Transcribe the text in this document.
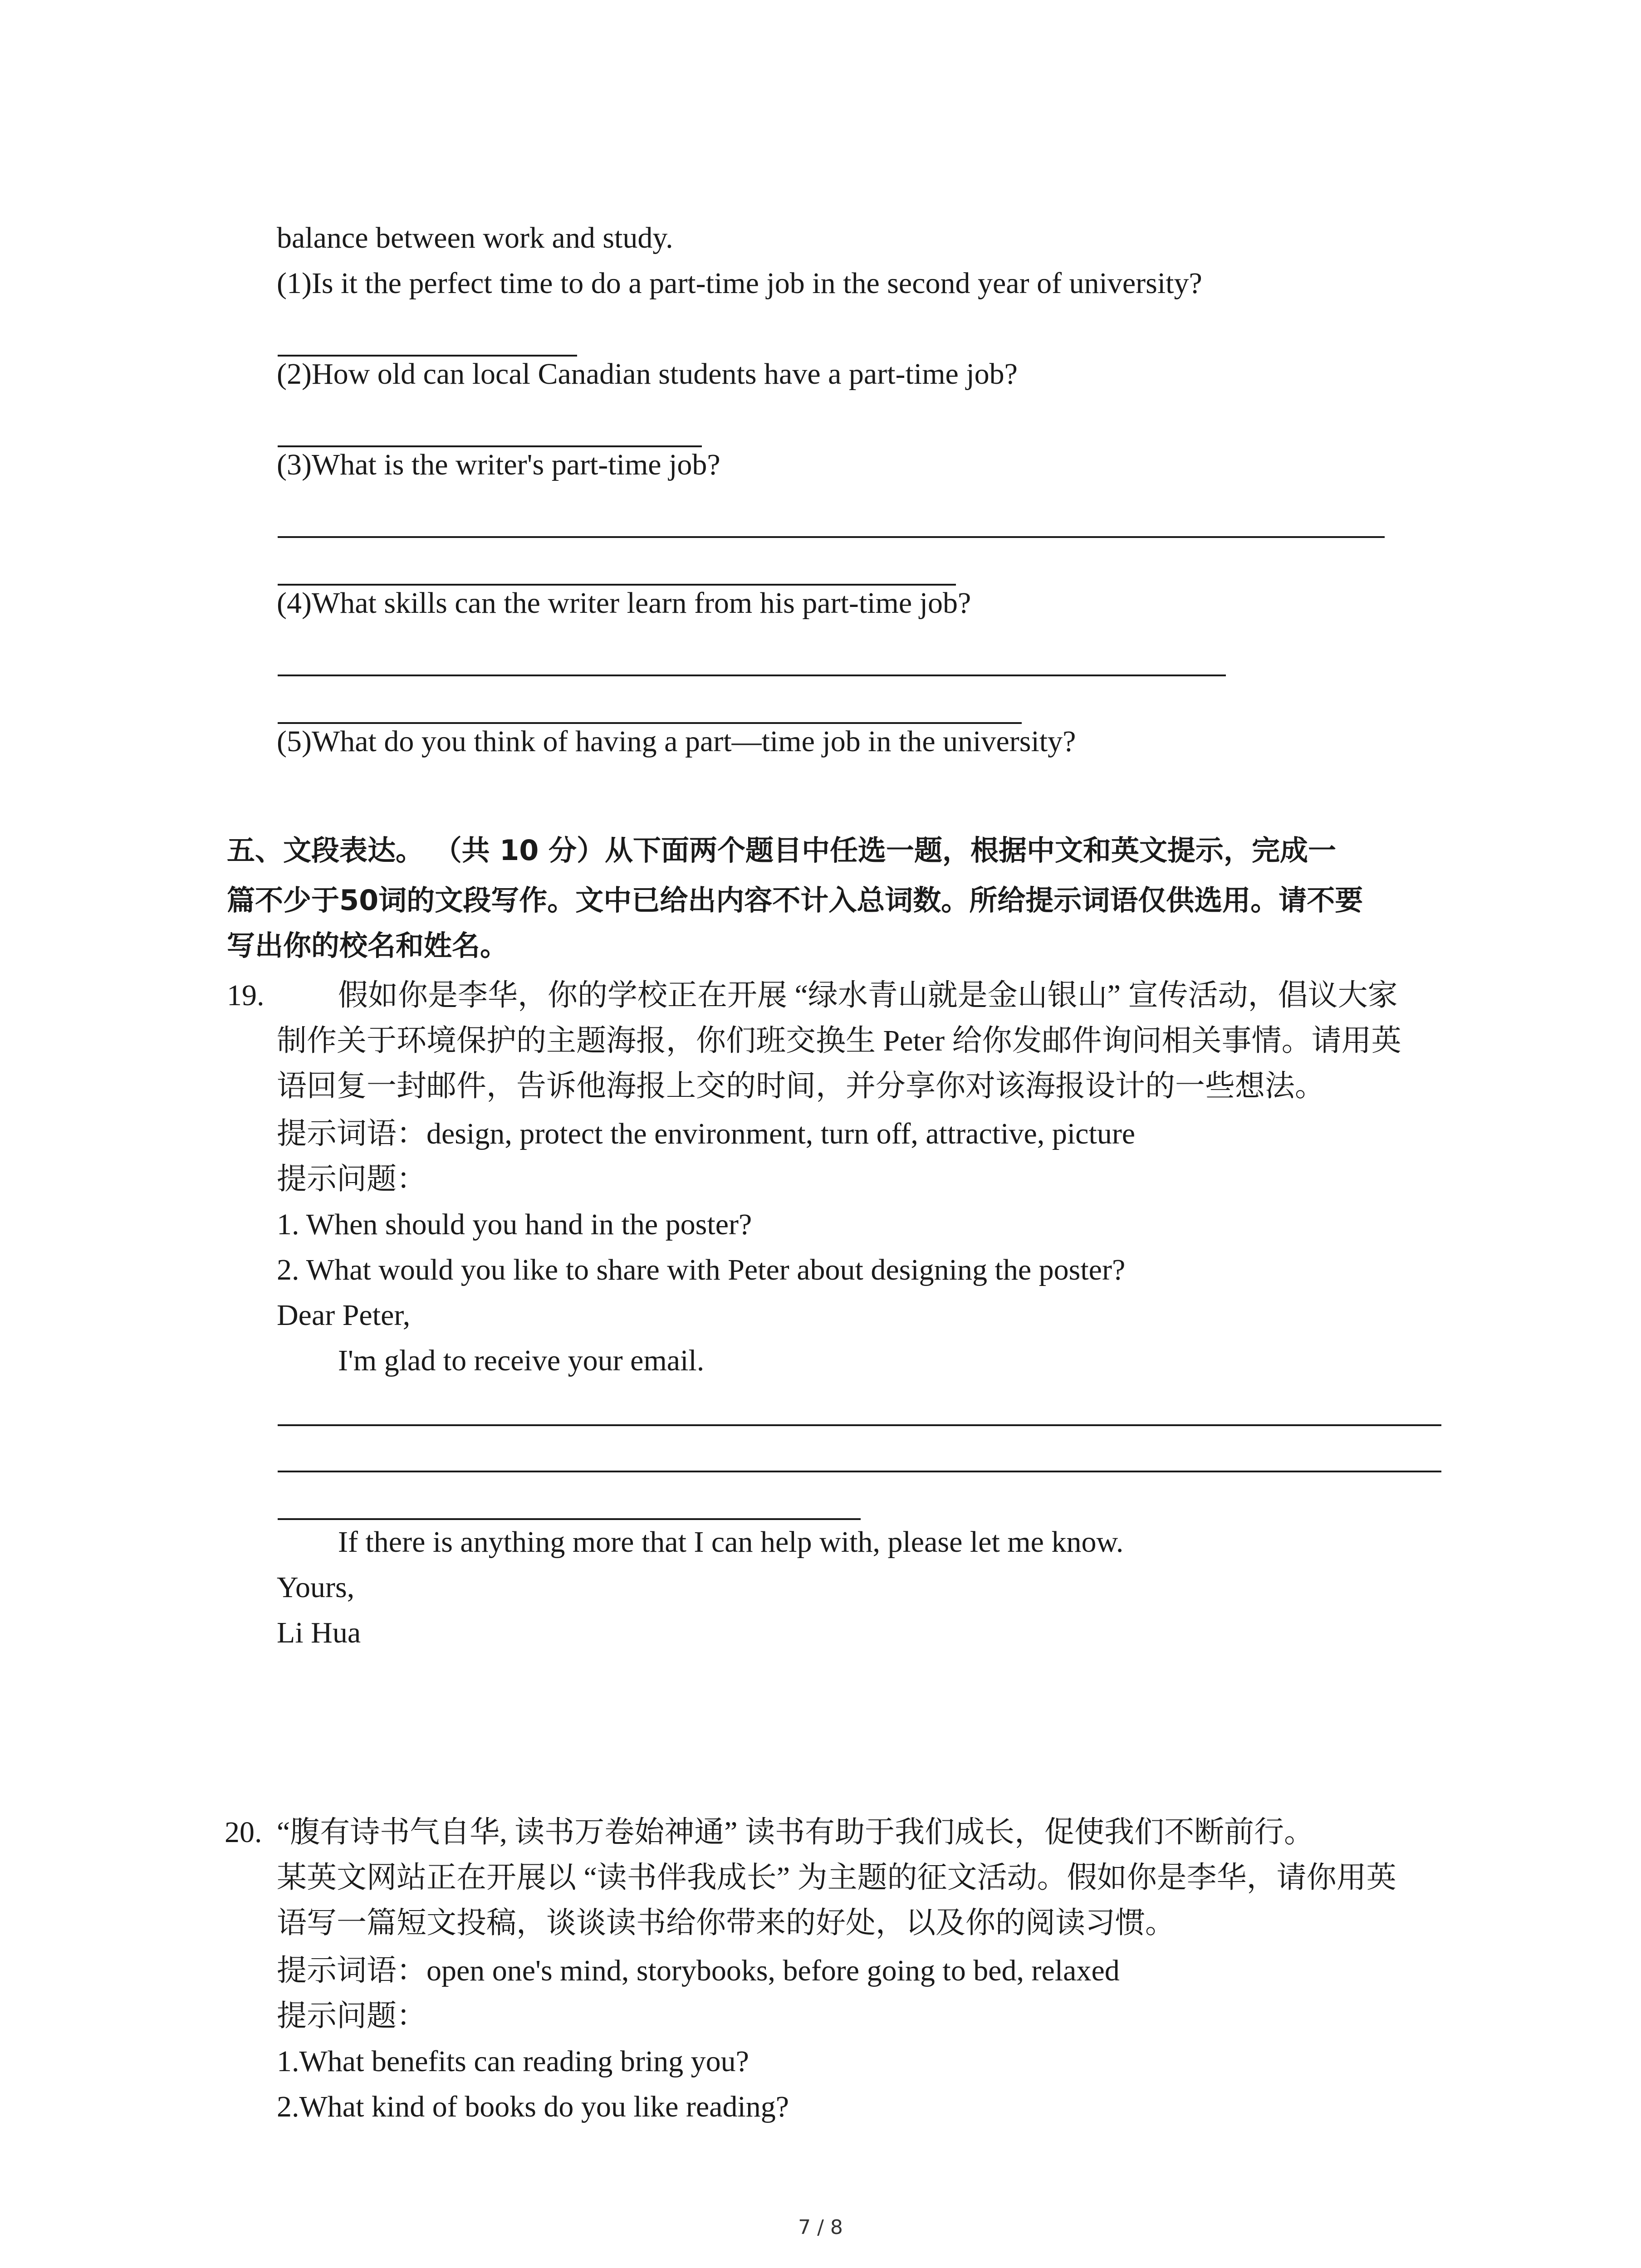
balance between work and study.

(1)Is it the perfect time to do a part-time job in the second year of university?

(2)How old can local Canadian students have a part-time job?

(3)What is the writer's part-time job?

(4)What skills can the writer learn from his part-time job?

(5)What do you think of having a part—time job in the university?

五、文段表达。 （共 10 分）从下面两个题目中任选一题，根据中文和英文提示，完成一

篇不少于50词的文段写作。文中已给出内容不计入总词数。所给提示词语仅供选用。请不要

写出你的校名和姓名。

19. 假如你是李华，你的学校正在开展 “绿水青山就是金山银山” 宣传活动，倡议大家

制作关于环境保护的主题海报，你们班交换生 Peter 给你发邮件询问相关事情。请用英

语回复一封邮件，告诉他海报上交的时间，并分享你对该海报设计的一些想法。

提示词语：design, protect the environment, turn off, attractive, picture

提示问题：

1. When should you hand in the poster?

2. What would you like to share with Peter about designing the poster?

Dear Peter,

I'm glad to receive your email.

If there is anything more that I can help with, please let me know.

Yours,

Li Hua

20. “腹有诗书气自华, 读书万卷始神通” 读书有助于我们成长，促使我们不断前行。

某英文网站正在开展以 “读书伴我成长” 为主题的征文活动。假如你是李华，请你用英

语写一篇短文投稿，谈谈读书给你带来的好处，以及你的阅读习惯。

提示词语：open one's mind, storybooks, before going to bed, relaxed

提示问题：

1.What benefits can reading bring you?

2.What kind of books do you like reading?

7 / 8
